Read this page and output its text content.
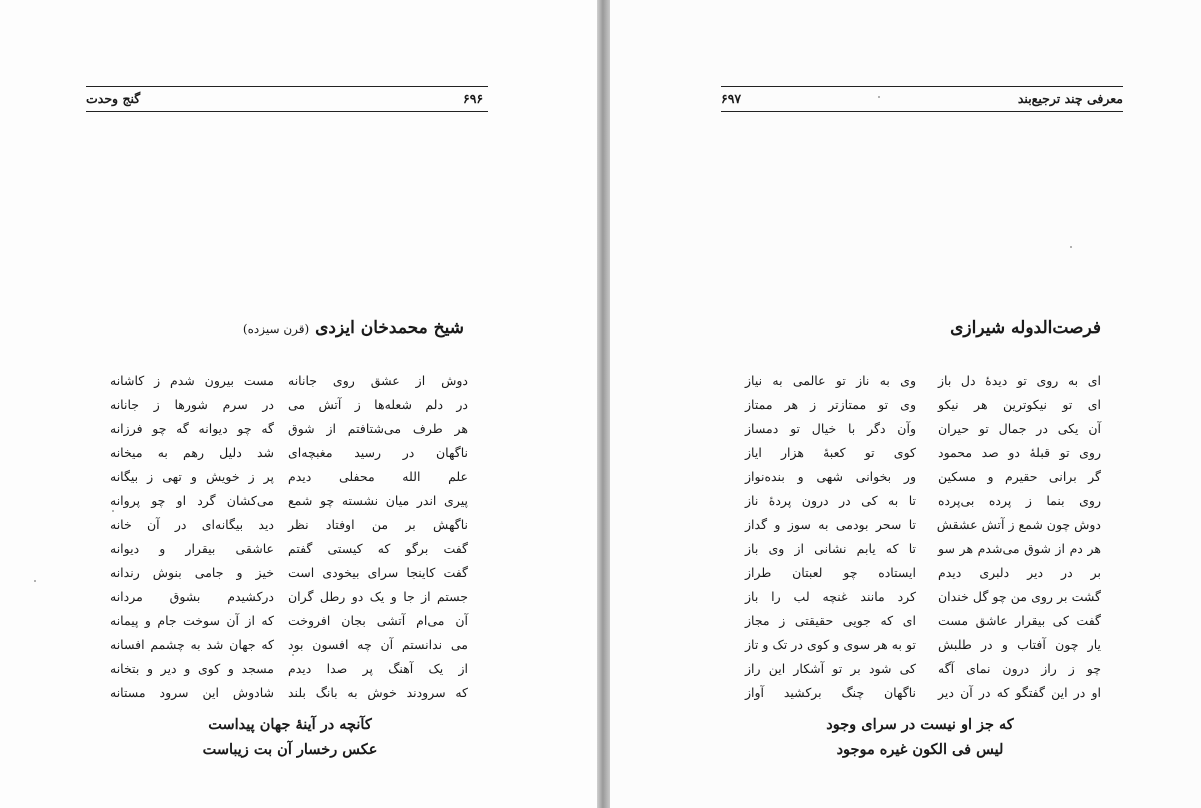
گنج وحدت	۶۹۶
شیخ محمدخان ایزدی (قرن سیزده)
دوش از عشق روی جانانه
در دلم شعله‌ها ز آتش می
هر طرف می‌شتافتم از شوق
ناگهان در رسید مغبچه‌ای
علم الله محفلی دیدم
پیری اندر میان نشسته چو شمع
ناگهش بر من اوفتاد نظر
گفت برگو که کیستی گفتم
گفت کاینجا سرای بیخودی است
جستم از جا و یک دو رطل گران
آن می‌ام آتشی بجان افروخت
می ندانستم آن چه افسون بود
از یک آهنگ پر صدا دیدم
که سرودند خوش به بانگ بلند
مست بیرون شدم ز کاشانه
در سرم شورها ز جانانه
گه چو دیوانه گه چو فرزانه
شد دلیل رهم به میخانه
پر ز خویش و تهی ز بیگانه
می‌کشان گرد او چو پروانه
دید بیگانه‌ای در آن خانه
عاشقی بیقرار و دیوانه
خیز و جامی بنوش رندانه
درکشیدم بشوق مردانه
که از آن سوخت جام و پیمانه
که جهان شد به چشمم افسانه
مسجد و کوی و دیر و بتخانه
شادوش این سرود مستانه
کآنچه در آینهٔ جهان پیداست
عکس رخسار آن بت زیباست
۶۹۷	معرفی چند ترجیع‌بند
فرصت‌الدوله شیرازی
ای به روی تو دیدهٔ دل باز
ای تو نیکوترین هر نیکو
آن یکی در جمال تو حیران
روی تو قبلهٔ دو صد محمود
گر برانی حقیرم و مسکین
روی بنما ز پرده بی‌پرده
دوش چون شمع ز آتش عشقش
هر دم از شوق می‌شدم هر سو
بر در دیر دلبری دیدم
گشت بر روی من چو گل خندان
گفت کی بیقرار عاشق مست
یار چون آفتاب و در طلبش
چو ز راز درون نمای آگه
او در این گفتگو که در آن دیر
وی به ناز تو عالمی به نیاز
وی تو ممتازتر ز هر ممتاز
وآن دگر با خیال تو دمساز
کوی تو کعبهٔ هزار ایاز
ور بخوانی شهی و بنده‌نواز
تا به کی در درون پردهٔ ناز
تا سحر بودمی به سوز و گداز
تا که یابم نشانی از وی باز
ایستاده چو لعبتان طراز
کرد مانند غنچه لب را باز
ای که جویی حقیقتی ز مجاز
تو به هر سوی و کوی در تک و تاز
کی شود بر تو آشکار این راز
ناگهان چنگ برکشید آواز
که جز او نیست در سرای وجود
لیس فی الکون غیره موجود
